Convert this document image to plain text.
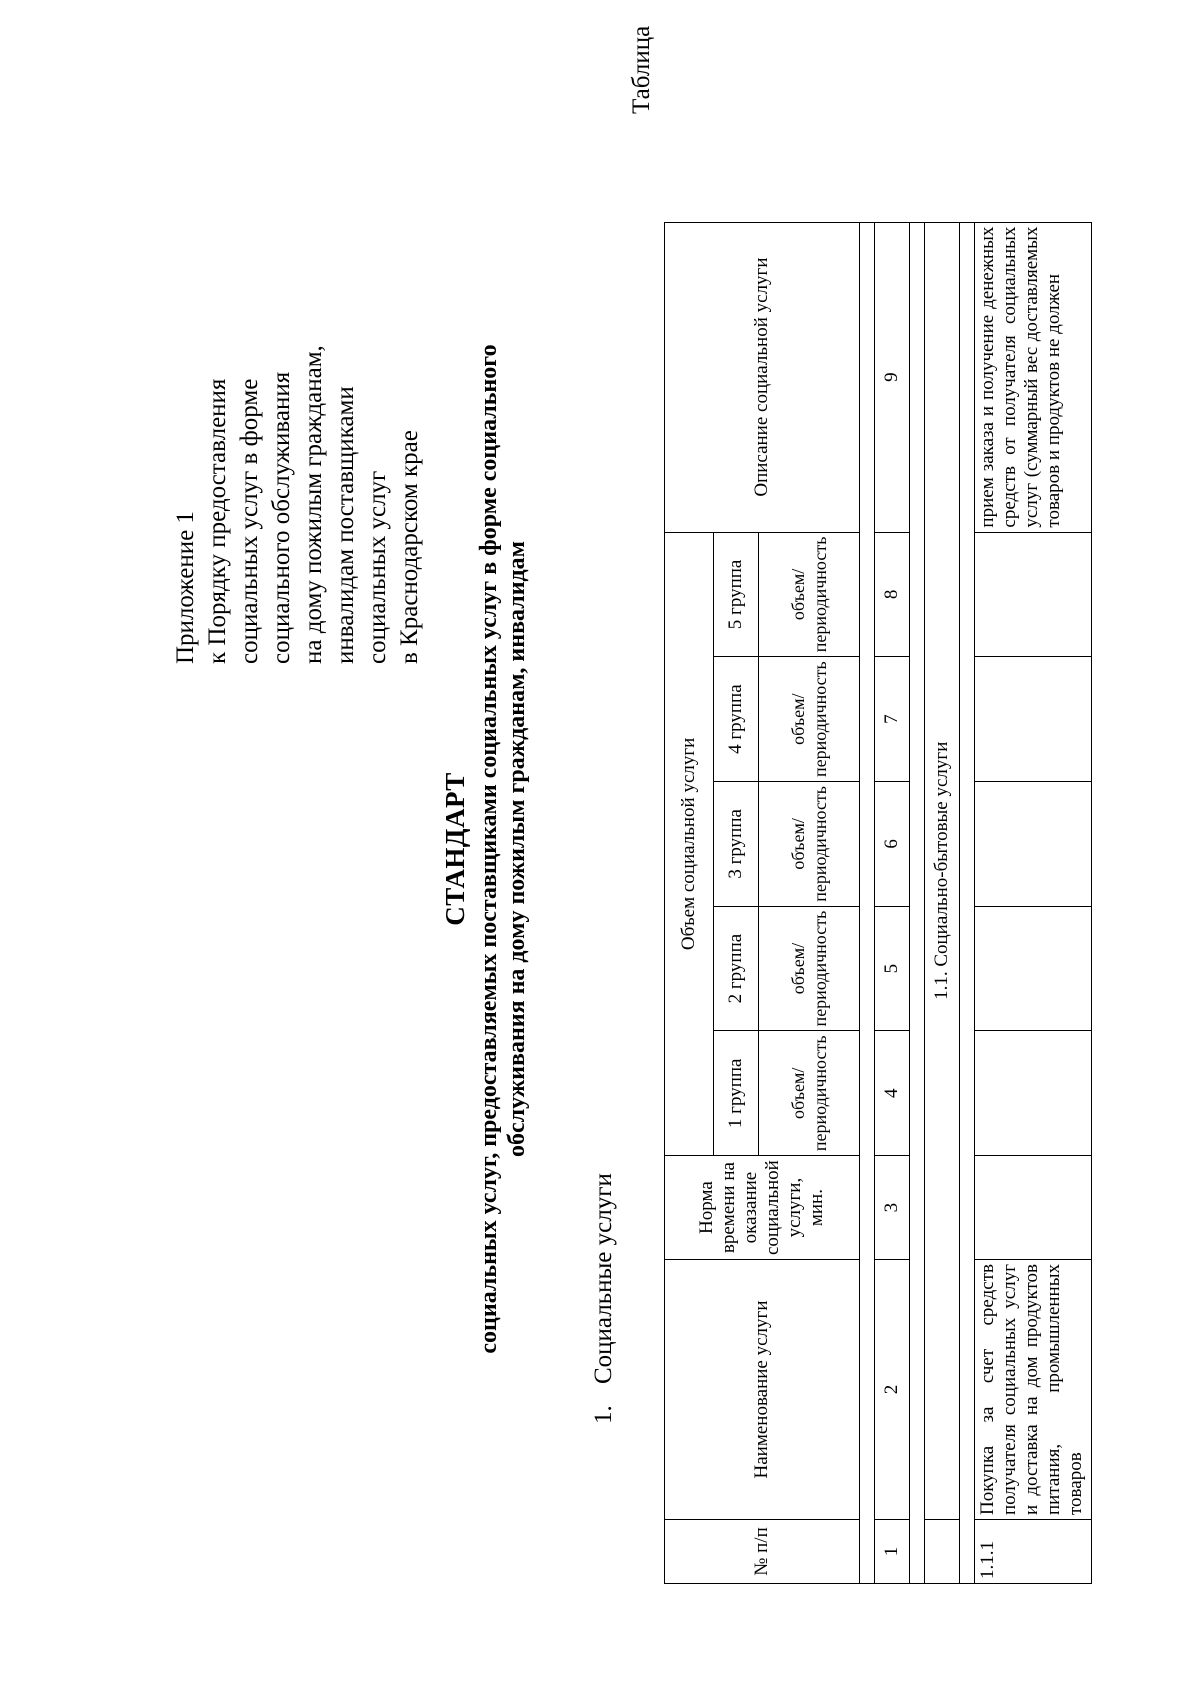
Приложение 1 к Порядку предоставления социальных услуг в форме социального обслуживания на дому пожилым гражданам, инвалидам поставщиками социальных услуг в Краснодарском крае
СТАНДАРТ социальных услуг, предоставляемых поставщиками социальных услуг в форме социального обслуживания на дому пожилым гражданам, инвалидам
1.Социальные услуги
Таблица
№ п/п	Наименование услуги	Норма времени на оказание социальной услуги, мин.	Объем социальной услуги					Описание социальной услуги
			1 группа	2 группа	3 группа	4 группа	5 группа	
			объем/ периодичность	объем/ периодичность	объем/ периодичность	объем/ периодичность	объем/ периодичность	

1	2	3	4	5	6	7	8	9

	1.1. Социально-бытовые услуги							

1.1.1	Покупка за счет средств получателя социальных услуг и доставка на дом продуктов питания, промышленных товаров							прием заказа и получение денежных средств от получателя социальных услуг (суммарный вес доставляемых товаров и продуктов не должен
